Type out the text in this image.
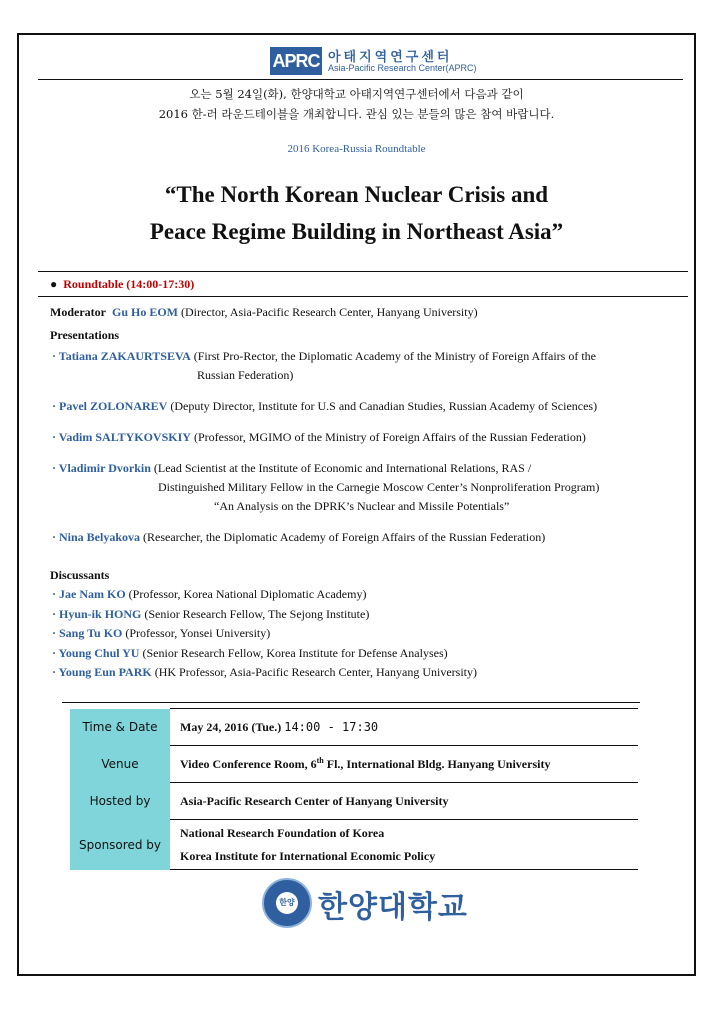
APRC 아태지역연구센터
Asia-Pacific Research Center(APRC)
오는 5월 24일(화), 한양대학교 아태지역연구센터에서 다음과 같이
2016 한-러 라운드테이블을 개최합니다. 관심 있는 분들의 많은 참여 바랍니다.
2016 Korea-Russia Roundtable
“The North Korean Nuclear Crisis and
Peace Regime Building in Northeast Asia”
● Roundtable (14:00-17:30)
Moderator Gu Ho EOM (Director, Asia-Pacific Research Center, Hanyang University)
Presentations
· Tatiana ZAKAURTSEVA (First Pro-Rector, the Diplomatic Academy of the Ministry of Foreign Affairs of the
Russian Federation)
· Pavel ZOLONAREV (Deputy Director, Institute for U.S and Canadian Studies, Russian Academy of Sciences)
· Vadim SALTYKOVSKIY (Professor, MGIMO of the Ministry of Foreign Affairs of the Russian Federation)
· Vladimir Dvorkin (Lead Scientist at the Institute of Economic and International Relations, RAS /
Distinguished Military Fellow in the Carnegie Moscow Center’s Nonproliferation Program)
“An Analysis on the DPRK’s Nuclear and Missile Potentials”
· Nina Belyakova (Researcher, the Diplomatic Academy of Foreign Affairs of the Russian Federation)
Discussants
· Jae Nam KO (Professor, Korea National Diplomatic Academy)
· Hyun-ik HONG (Senior Research Fellow, The Sejong Institute)
· Sang Tu KO (Professor, Yonsei University)
· Young Chul YU (Senior Research Fellow, Korea Institute for Defense Analyses)
· Young Eun PARK (HK Professor, Asia-Pacific Research Center, Hanyang University)
Time & Date	May 24, 2016 (Tue.) 14:00 - 17:30
Venue	Video Conference Room, 6th Fl., International Bldg. Hanyang University
Hosted by	Asia-Pacific Research Center of Hanyang University
Sponsored by	National Research Foundation of Korea
Korea Institute for International Economic Policy
한양 한양대학교
